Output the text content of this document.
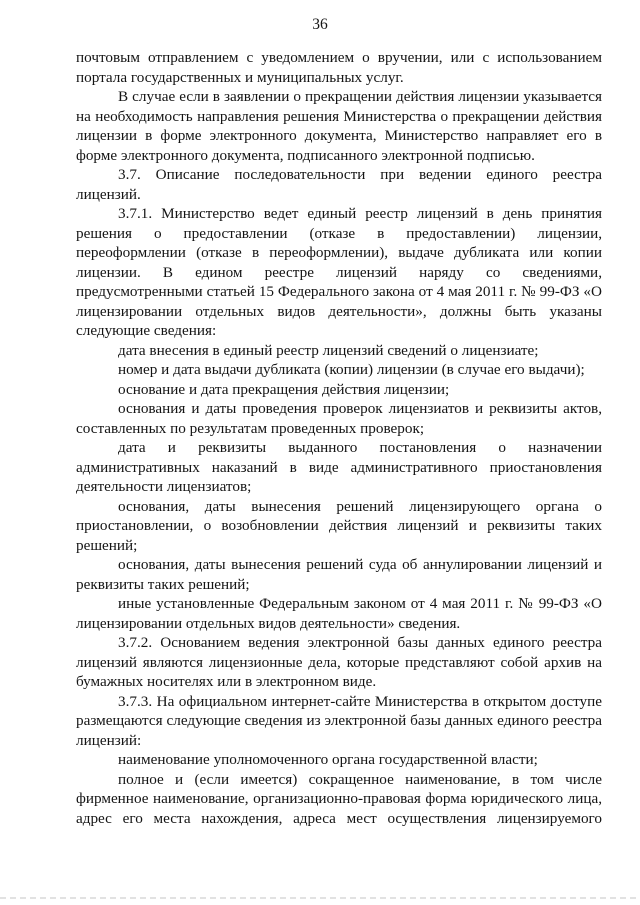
36

почтовым отправлением с уведомлением о вручении, или с использованием портала государственных и муниципальных услуг.

В случае если в заявлении о прекращении действия лицензии указывается на необходимость направления решения Министерства о прекращении действия лицензии в форме электронного документа, Министерство направляет его в форме электронного документа, подписанного электронной подписью.

3.7. Описание последовательности при ведении единого реестра лицензий.

3.7.1. Министерство ведет единый реестр лицензий в день принятия решения о предоставлении (отказе в предоставлении) лицензии, переоформлении (отказе в переоформлении), выдаче дубликата или копии лицензии. В едином реестре лицензий наряду со сведениями, предусмотренными статьей 15 Федерального закона от 4 мая 2011 г. № 99-ФЗ «О лицензировании отдельных видов деятельности», должны быть указаны следующие сведения:

дата внесения в единый реестр лицензий сведений о лицензиате;

номер и дата выдачи дубликата (копии) лицензии (в случае его выдачи);

основание и дата прекращения действия лицензии;

основания и даты проведения проверок лицензиатов и реквизиты актов, составленных по результатам проведенных проверок;

дата и реквизиты выданного постановления о назначении административных наказаний в виде административного приостановления деятельности лицензиатов;

основания, даты вынесения решений лицензирующего органа о приостановлении, о возобновлении действия лицензий и реквизиты таких решений;

основания, даты вынесения решений суда об аннулировании лицензий и реквизиты таких решений;

иные установленные Федеральным законом от 4 мая 2011 г. № 99-ФЗ «О лицензировании отдельных видов деятельности» сведения.

3.7.2. Основанием ведения электронной базы данных единого реестра лицензий являются лицензионные дела, которые представляют собой архив на бумажных носителях или в электронном виде.

3.7.3. На официальном интернет-сайте Министерства в открытом доступе размещаются следующие сведения из электронной базы данных единого реестра лицензий:

наименование уполномоченного органа государственной власти;

полное и (если имеется) сокращенное наименование, в том числе фирменное наименование, организационно-правовая форма юридического лица, адрес его места нахождения, адреса мест осуществления лицензируемого
